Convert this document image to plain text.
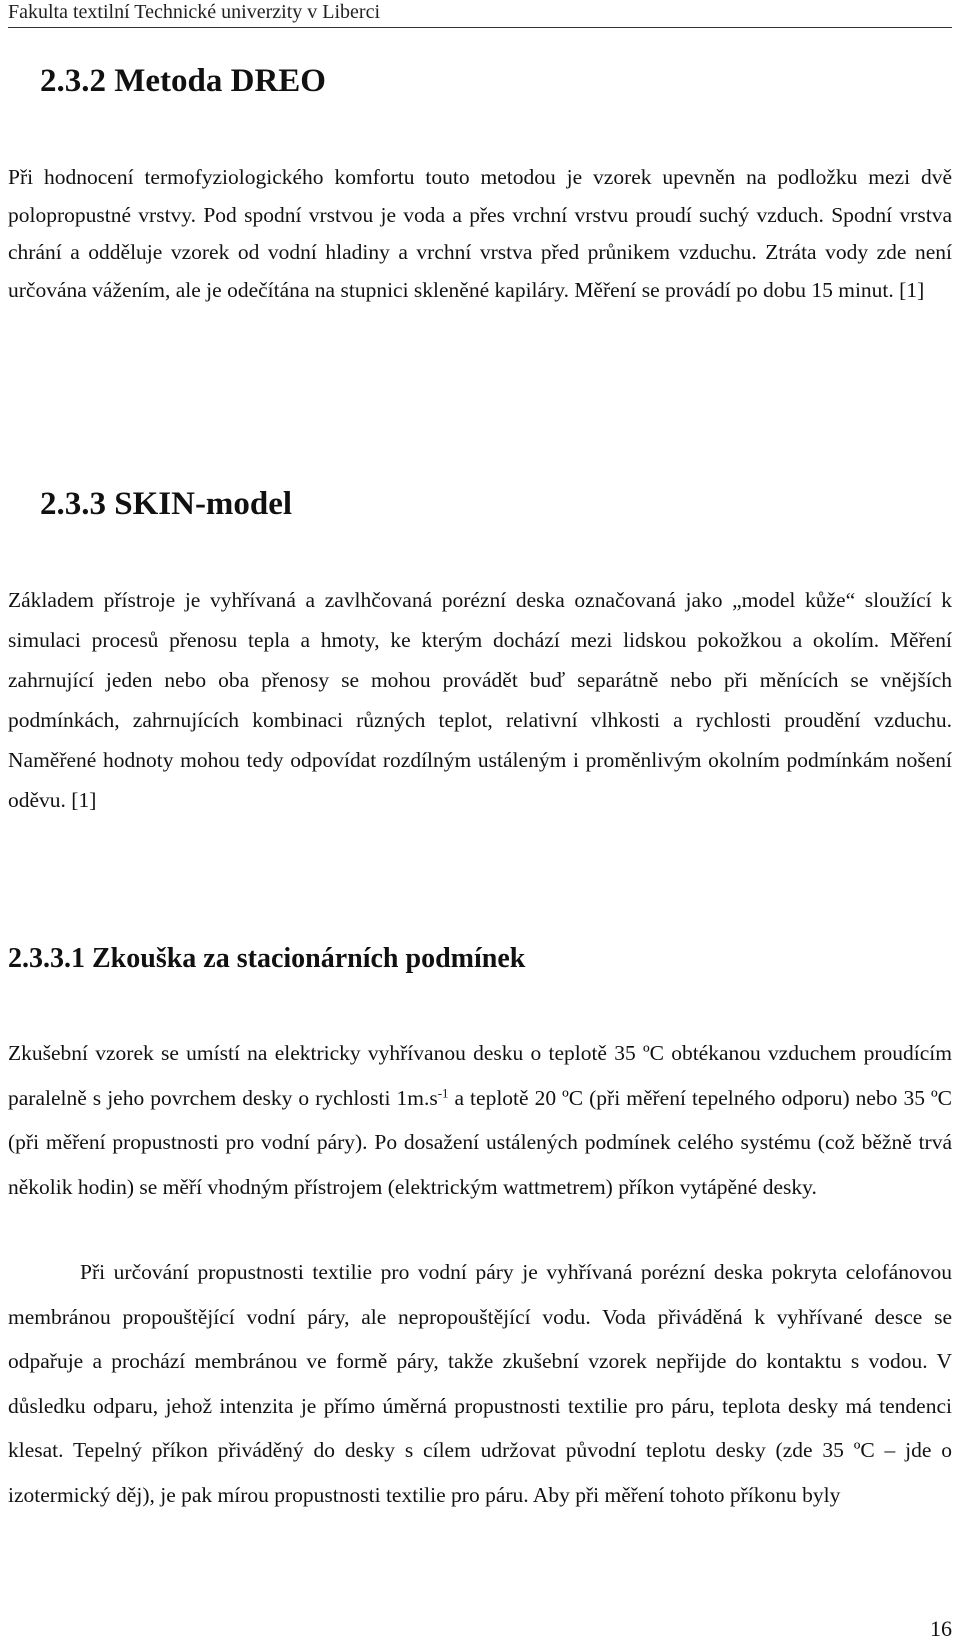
Fakulta textilní Technické univerzity v Liberci
2.3.2 Metoda DREO

Při hodnocení termofyziologického komfortu touto metodou je vzorek upevněn na podložku mezi dvě polopropustné vrstvy. Pod spodní vrstvou je voda a přes vrchní vrstvu proudí suchý vzduch. Spodní vrstva chrání a odděluje vzorek od vodní hladiny a vrchní vrstva před průnikem vzduchu. Ztráta vody zde není určována vážením, ale je odečítána na stupnici skleněné kapiláry. Měření se provádí po dobu 15 minut. [1]

2.3.3 SKIN-model

Základem přístroje je vyhřívaná a zavlhčovaná porézní deska označovaná jako „model kůže“ sloužící k simulaci procesů přenosu tepla a hmoty, ke kterým dochází mezi lidskou pokožkou a okolím. Měření zahrnující jeden nebo oba přenosy se mohou provádět buď separátně nebo při měnících se vnějších podmínkách, zahrnujících kombinaci různých teplot, relativní vlhkosti a rychlosti proudění vzduchu. Naměřené hodnoty mohou tedy odpovídat rozdílným ustáleným i proměnlivým okolním podmínkám nošení oděvu. [1]

2.3.3.1 Zkouška za stacionárních podmínek

Zkušební vzorek se umístí na elektricky vyhřívanou desku o teplotě 35 ºC obtékanou vzduchem proudícím paralelně s jeho povrchem desky o rychlosti $1m.s^{-1}$ a teplotě 20 ºC (při měření tepelného odporu) nebo 35 ºC (při měření propustnosti pro vodní páry). Po dosažení ustálených podmínek celého systému (což běžně trvá několik hodin) se měří vhodným přístrojem (elektrickým wattmetrem) příkon vytápěné desky.

Při určování propustnosti textilie pro vodní páry je vyhřívaná porézní deska pokryta celofánovou membránou propouštějící vodní páry, ale nepropouštějící vodu. Voda přiváděná k vyhřívané desce se odpařuje a prochází membránou ve formě páry, takže zkušební vzorek nepřijde do kontaktu s vodou. V důsledku odparu, jehož intenzita je přímo úměrná propustnosti textilie pro páru, teplota desky má tendenci klesat. Tepelný příkon přiváděný do desky s cílem udržovat původní teplotu desky (zde 35 ºC – jde o izotermický děj), je pak mírou propustnosti textilie pro páru. Aby při měření tohoto příkonu byly

16
